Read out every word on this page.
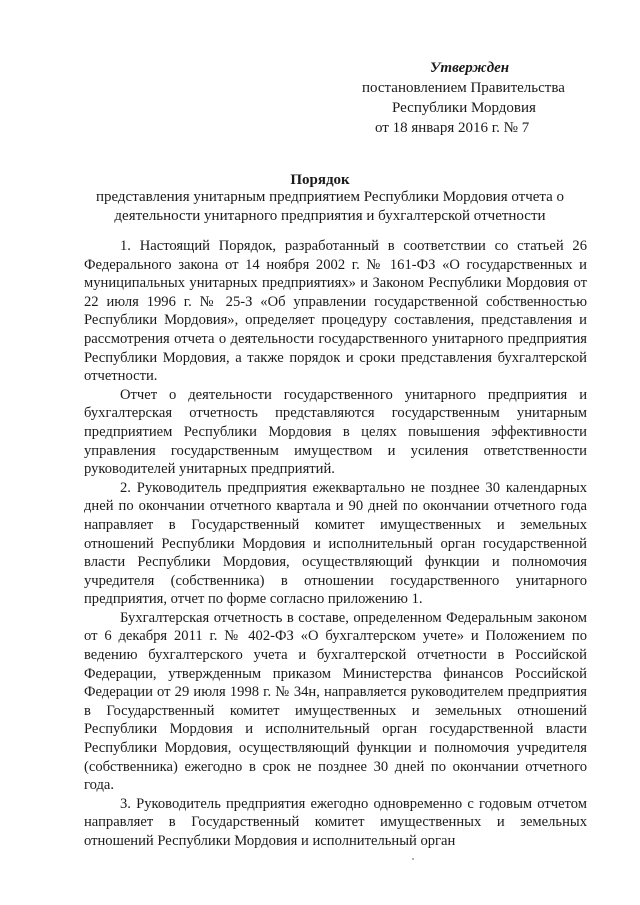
Утвержден
постановлением Правительства
Республики Мордовия
от 18 января 2016 г. № 7
Порядок
представления унитарным предприятием Республики Мордовия отчета о деятельности унитарного предприятия и бухгалтерской отчетности

1. Настоящий Порядок, разработанный в соответствии со статьей 26 Федерального закона от 14 ноября 2002 г. № 161-ФЗ «О государственных и муниципальных унитарных предприятиях» и Законом Республики Мордовия от 22 июля 1996 г. № 25-З «Об управлении государственной собственностью Республики Мордовия», определяет процедуру составления, представления и рассмотрения отчета о деятельности государственного унитарного предприятия Республики Мордовия, а также порядок и сроки представления бухгалтерской отчетности.

Отчет о деятельности государственного унитарного предприятия и бухгалтерская отчетность представляются государственным унитарным предприятием Республики Мордовия в целях повышения эффективности управления государственным имуществом и усиления ответственности руководителей унитарных предприятий.

2. Руководитель предприятия ежеквартально не позднее 30 календарных дней по окончании отчетного квартала и 90 дней по окончании отчетного года направляет в Государственный комитет имущественных и земельных отношений Республики Мордовия и исполнительный орган государственной власти Республики Мордовия, осуществляющий функции и полномочия учредителя (собственника) в отношении государственного унитарного предприятия, отчет по форме согласно приложению 1.

Бухгалтерская отчетность в составе, определенном Федеральным законом от 6 декабря 2011 г. № 402-ФЗ «О бухгалтерском учете» и Положением по ведению бухгалтерского учета и бухгалтерской отчетности в Российской Федерации, утвержденным приказом Министерства финансов Российской Федерации от 29 июля 1998 г. № 34н, направляется руководителем предприятия в Государственный комитет имущественных и земельных отношений Республики Мордовия и исполнительный орган государственной власти Республики Мордовия, осуществляющий функции и полномочия учредителя (собственника) ежегодно в срок не позднее 30 дней по окончании отчетного года.

3. Руководитель предприятия ежегодно одновременно с годовым отчетом направляет в Государственный комитет имущественных и земельных отношений Республики Мордовия и исполнительный орган
